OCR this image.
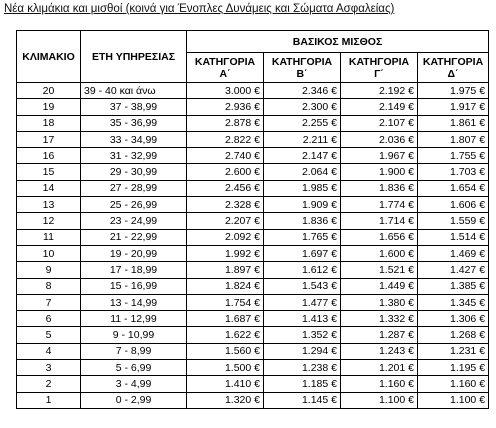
Νέα κλιμάκια και μισθοί (κοινά για Ένοπλες Δυνάμεις και Σώματα Ασφαλείας)
ΚΛΙΜΑΚΙΟ	ΕΤΗ ΥΠΗΡΕΣΙΑΣ	ΒΑΣΙΚΟΣ ΜΙΣΘΟΣ			
		ΚΑΤΗΓΟΡΙΑ Α΄	ΚΑΤΗΓΟΡΙΑ Β΄	ΚΑΤΗΓΟΡΙΑ Γ΄	ΚΑΤΗΓΟΡΙΑ Δ΄
20	39 - 40 και άνω	3.000 €	2.346 €	2.192 €	1.975 €
19	37 - 38,99	2.936 €	2.300 €	2.149 €	1.917 €
18	35 - 36,99	2.878 €	2.255 €	2.107 €	1.861 €
17	33 - 34,99	2.822 €	2.211 €	2.036 €	1.807 €
16	31 - 32,99	2.740 €	2.147 €	1.967 €	1.755 €
15	29 - 30,99	2.600 €	2.064 €	1.900 €	1.703 €
14	27 - 28,99	2.456 €	1.985 €	1.836 €	1.654 €
13	25 - 26,99	2.328 €	1.909 €	1.774 €	1.606 €
12	23 - 24,99	2.207 €	1.836 €	1.714 €	1.559 €
11	21 - 22,99	2.092 €	1.765 €	1.656 €	1.514 €
10	19 - 20,99	1.992 €	1.697 €	1.600 €	1.469 €
9	17 - 18,99	1.897 €	1.612 €	1.521 €	1.427 €
8	15 - 16,99	1.824 €	1.543 €	1.449 €	1.385 €
7	13 - 14,99	1.754 €	1.477 €	1.380 €	1.345 €
6	11 - 12,99	1.687 €	1.413 €	1.332 €	1.306 €
5	9 - 10,99	1.622 €	1.352 €	1.287 €	1.268 €
4	7 - 8,99	1.560 €	1.294 €	1.243 €	1.231 €
3	5 - 6,99	1.500 €	1.238 €	1.201 €	1.195 €
2	3 - 4,99	1.410 €	1.185 €	1.160 €	1.160 €
1	0 - 2,99	1.320 €	1.145 €	1.100 €	1.100 €
